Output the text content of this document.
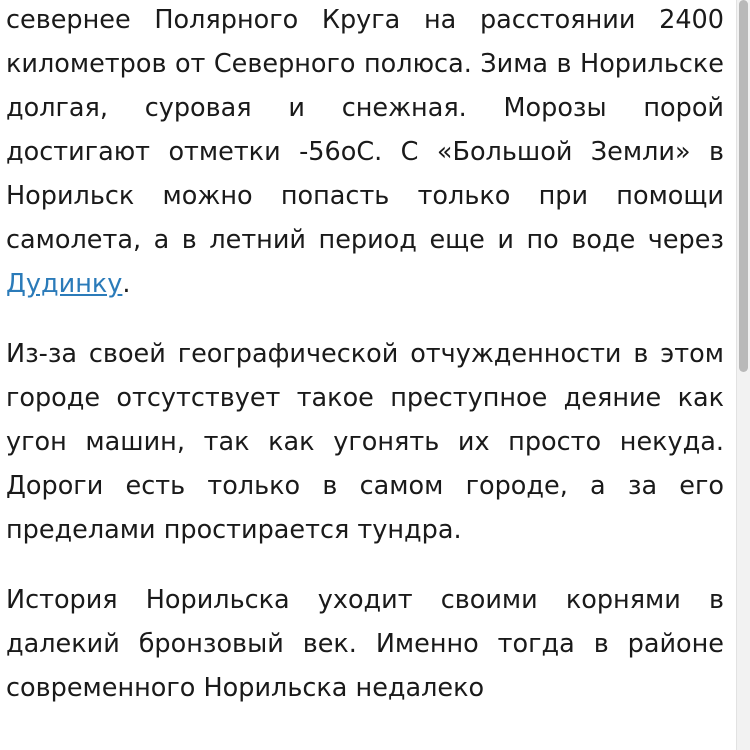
севернее Полярного Круга на расстоянии 2400 километров от Северного полюса. Зима в Норильске долгая, суровая и снежная. Морозы порой достигают отметки -56оС. С «Большой Земли» в Норильск можно попасть только при помощи самолета, а в летний период еще и по воде через Дудинку.

Из-за своей географической отчужденности в этом городе отсутствует такое преступное деяние как угон машин, так как угонять их просто некуда. Дороги есть только в самом городе, а за его пределами простирается тундра.

История Норильска уходит своими корнями в далекий бронзовый век. Именно тогда в районе современного Норильска недалеко
